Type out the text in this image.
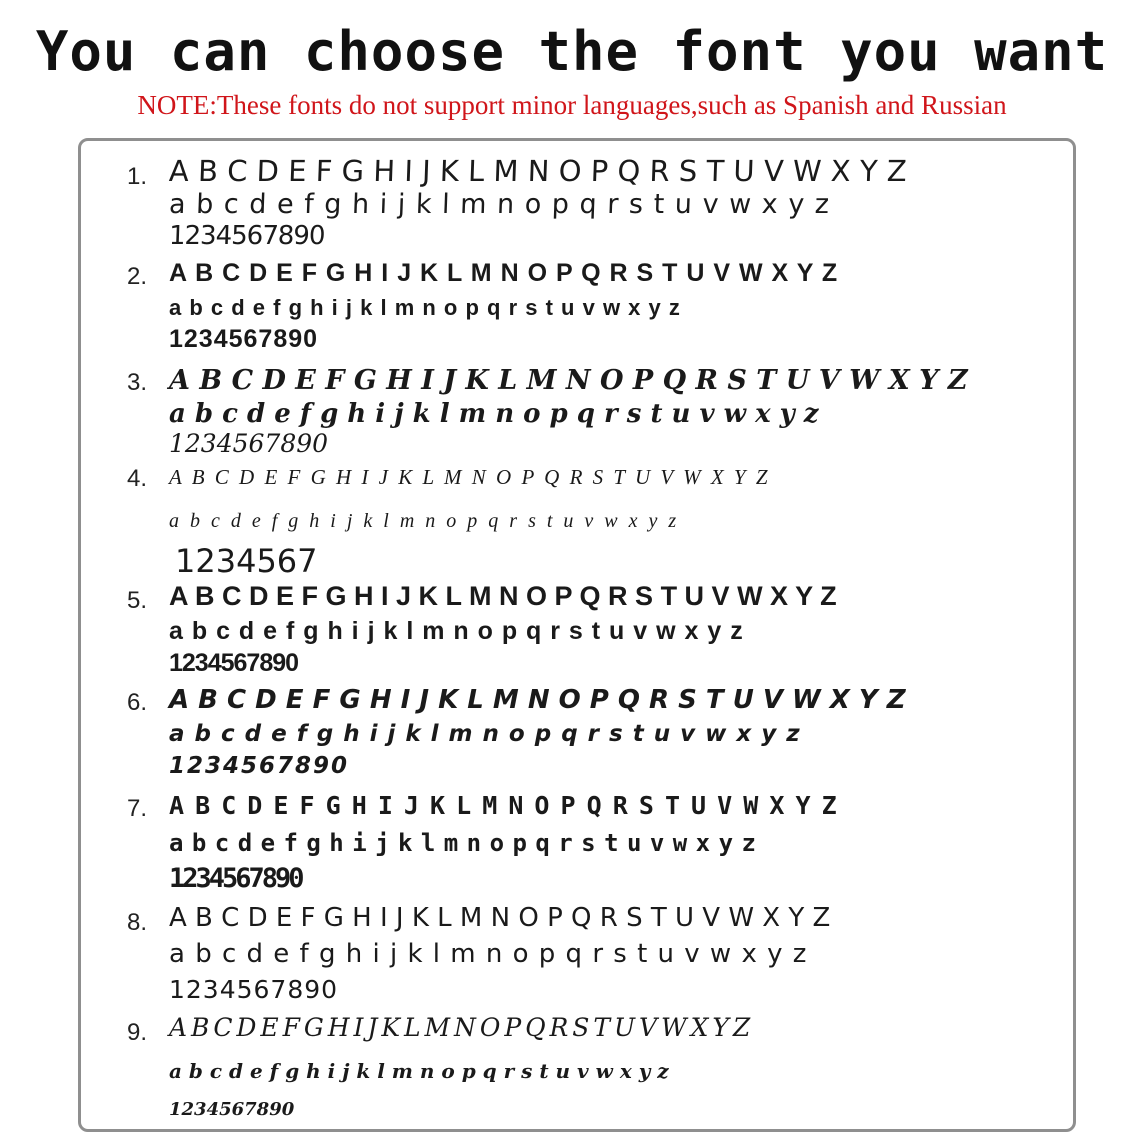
You can choose the font you want
NOTE:These fonts do not support minor languages,such as Spanish and Russian
1. A B C D E F G H I J K L M N O P Q R S T U V W X Y Z
a b c d e f g h i j k l m n o p q r s t u v w x y z
1234567890
2. A B C D E F G H I J K L M N O P Q R S T U V W X Y Z
a b c d e f g h i j k l m n o p q r s t u v w x y z
1234567890
3. A B C D E F G H I J K L M N O P Q R S T U V W X Y Z
a b c d e f g h i j k l m n o p q r s t u v w x y z
1234567890
4. A B C D E F G H I J K L M N O P Q R S T U V W X Y Z
a b c d e f g h i j k l m n o p q r s t u v w x y z
1234567
5. A B C D E F G H I J K L M N O P Q R S T U V W X Y Z
a b c d e f g h i j k l m n o p q r s t u v w x y z
1234567890
6. A B C D E F G H I J K L M N O P Q R S T U V W X Y Z
a b c d e f g h i j k l m n o p q r s t u v w x y z
1234567890
7. A B C D E F G H I J K L M N O P Q R S T U V W X Y Z
a b c d e f g h i j k l m n o p q r s t u v w x y z
1234567890
8. A B C D E F G H I J K L M N O P Q R S T U V W X Y Z
a b c d e f g h i j k l m n o p q r s t u v w x y z
1234567890
9. A B C D E F G H I J K L M N O P Q R S T U V W X Y Z
a b c d e f g h i j k l m n o p q r s t u v w x y z
1234567890
